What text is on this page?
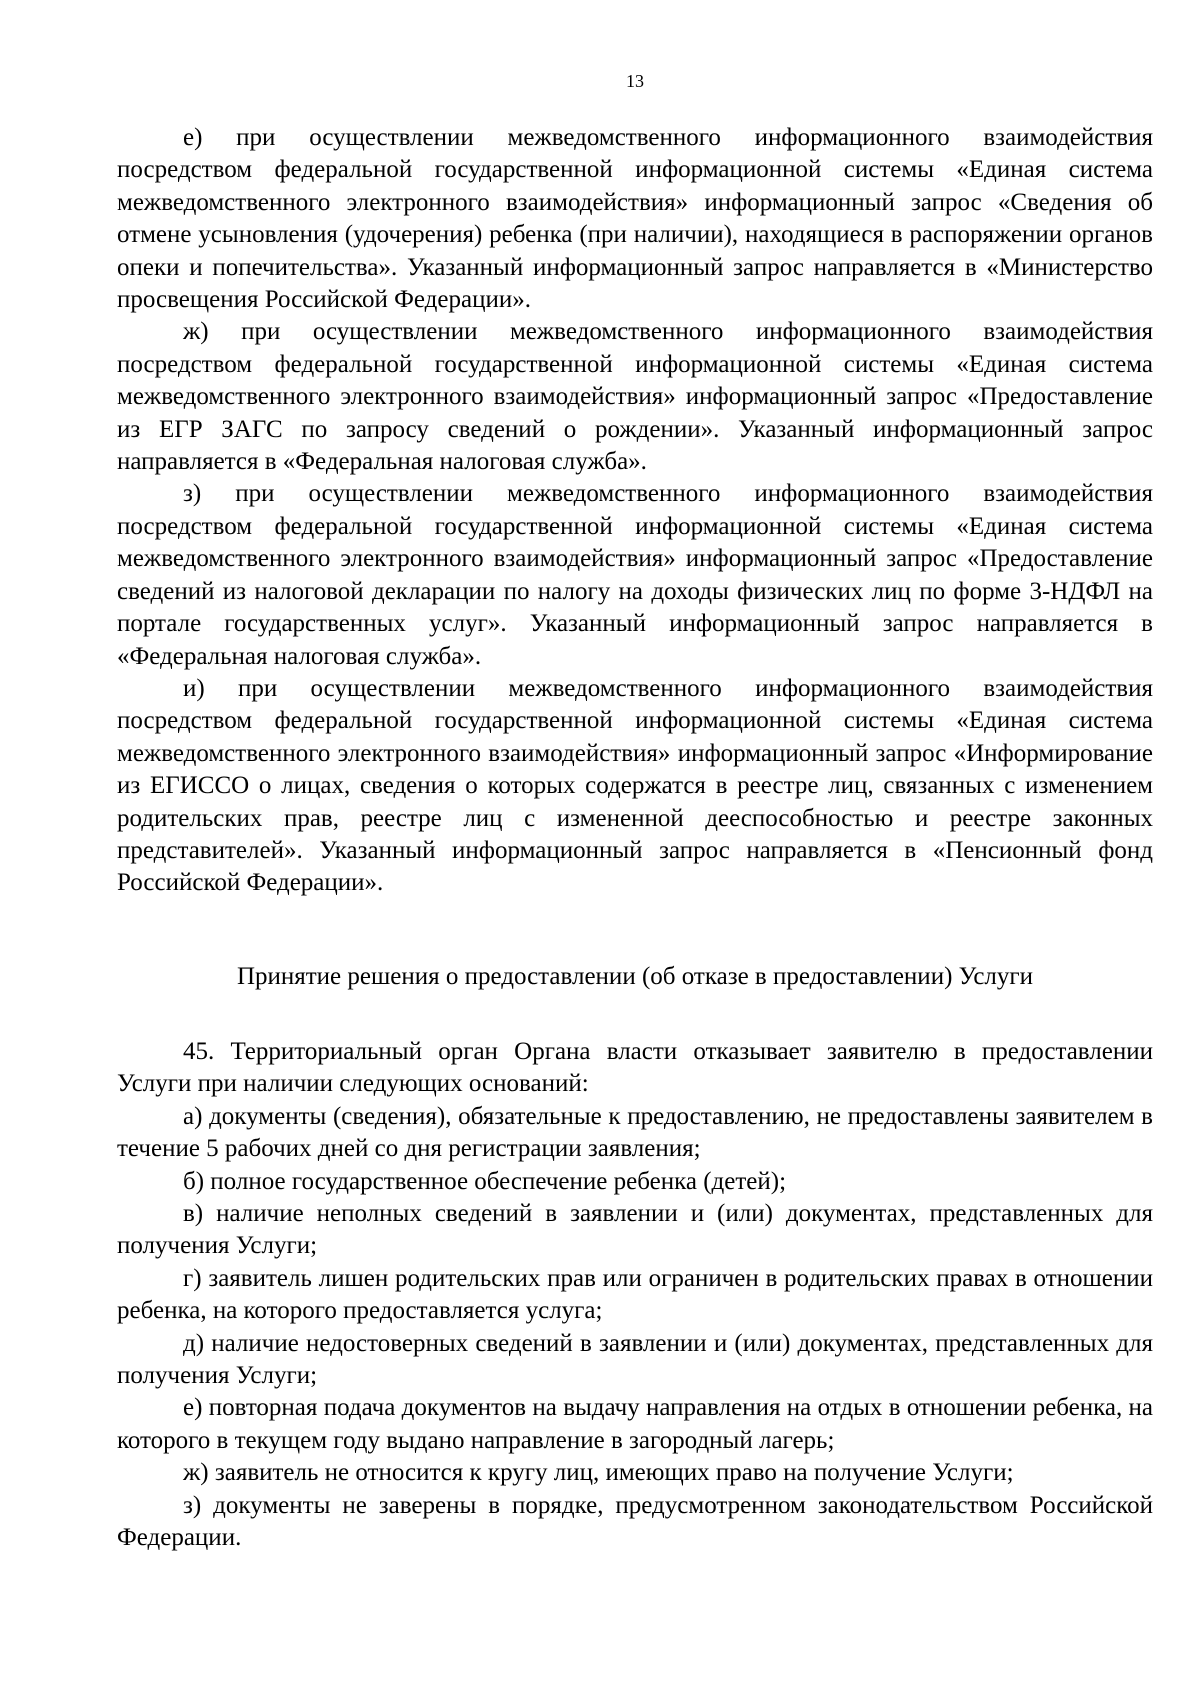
13

е) при осуществлении межведомственного информационного взаимодействия посредством федеральной государственной информационной системы «Единая система межведомственного электронного взаимодействия» информационный запрос «Сведения об отмене усыновления (удочерения) ребенка (при наличии), находящиеся в распоряжении органов опеки и попечительства». Указанный информационный запрос направляется в «Министерство просвещения Российской Федерации».

ж) при осуществлении межведомственного информационного взаимодействия посредством федеральной государственной информационной системы «Единая система межведомственного электронного взаимодействия» информационный запрос «Предоставление из ЕГР ЗАГС по запросу сведений о рождении». Указанный информационный запрос направляется в «Федеральная налоговая служба».

з) при осуществлении межведомственного информационного взаимодействия посредством федеральной государственной информационной системы «Единая система межведомственного электронного взаимодействия» информационный запрос «Предоставление сведений из налоговой декларации по налогу на доходы физических лиц по форме 3-НДФЛ на портале государственных услуг». Указанный информационный запрос направляется в «Федеральная налоговая служба».

и) при осуществлении межведомственного информационного взаимодействия посредством федеральной государственной информационной системы «Единая система межведомственного электронного взаимодействия» информационный запрос «Информирование из ЕГИССО о лицах, сведения о которых содержатся в реестре лиц, связанных с изменением родительских прав, реестре лиц с измененной дееспособностью и реестре законных представителей». Указанный информационный запрос направляется в «Пенсионный фонд Российской Федерации».

Принятие решения о предоставлении (об отказе в предоставлении) Услуги

45. Территориальный орган Органа власти отказывает заявителю в предоставлении Услуги при наличии следующих оснований:

а) документы (сведения), обязательные к предоставлению, не предоставлены заявителем в течение 5 рабочих дней со дня регистрации заявления;

б) полное государственное обеспечение ребенка (детей);

в) наличие неполных сведений в заявлении и (или) документах, представленных для получения Услуги;

г) заявитель лишен родительских прав или ограничен в родительских правах в отношении ребенка, на которого предоставляется услуга;

д) наличие недостоверных сведений в заявлении и (или) документах, представленных для получения Услуги;

е) повторная подача документов на выдачу направления на отдых в отношении ребенка, на которого в текущем году выдано направление в загородный лагерь;

ж) заявитель не относится к кругу лиц, имеющих право на получение Услуги;

з) документы не заверены в порядке, предусмотренном законодательством Российской Федерации.
